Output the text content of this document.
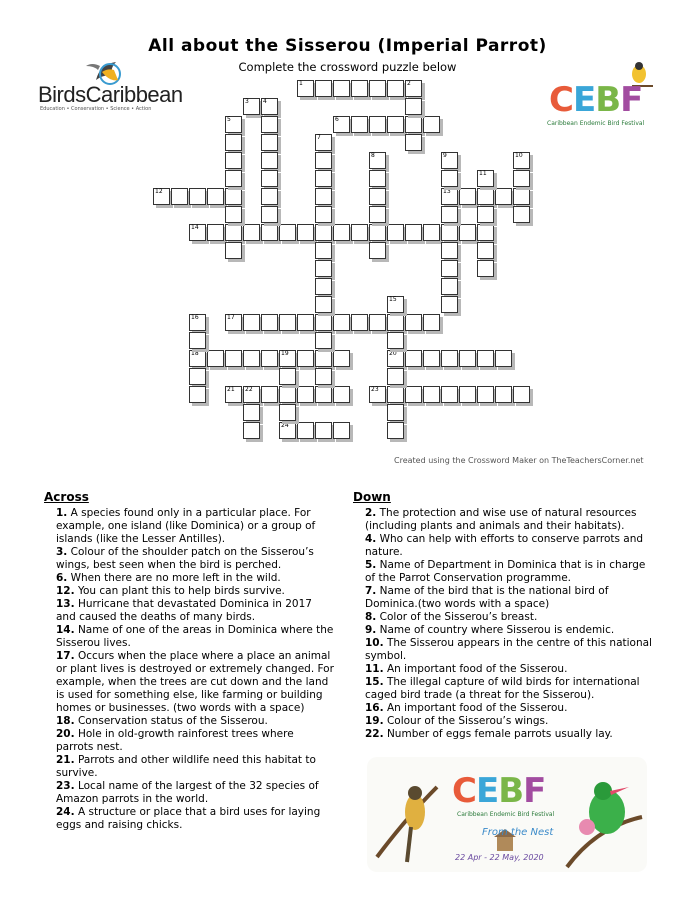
All about the Sisserou (Imperial Parrot)
Complete the crossword puzzle below
BirdsCaribbean
Education • Conservation • Science • Action	CEBF
Caribbean Endemic Bird Festival
1	2
3 4
6
12	13
14
17
18	19	20
21 22	23
24
5
7
8	9	10
11
15
16
Created using the Crossword Maker on TheTeachersCorner.net
Across
1. A species found only in a particular place. For example, one island (like Dominica) or a group of islands (like the Lesser Antilles).
3. Colour of the shoulder patch on the Sisserou’s wings, best seen when the bird is perched.
6. When there are no more left in the wild.
12. You can plant this to help birds survive.
13. Hurricane that devastated Dominica in 2017 and caused the deaths of many birds.
14. Name of one of the areas in Dominica where the Sisserou lives.
17. Occurs when the place where a place an animal or plant lives is destroyed or extremely changed. For example, when the trees are cut down and the land is used for something else, like farming or building homes or businesses. (two words with a space)
18. Conservation status of the Sisserou.
20. Hole in old-growth rainforest trees where parrots nest.
21. Parrots and other wildlife need this habitat to survive.
23. Local name of the largest of the 32 species of Amazon parrots in the world.
24. A structure or place that a bird uses for laying eggs and raising chicks.
Down
2. The protection and wise use of natural resources (including plants and animals and their habitats).
4. Who can help with efforts to conserve parrots and nature.
5. Name of Department in Dominica that is in charge of the Parrot Conservation programme.
7. Name of the bird that is the national bird of Dominica.(two words with a space)
8. Color of the Sisserou’s breast.
9. Name of country where Sisserou is endemic.
10. The Sisserou appears in the centre of this national symbol.
11. An important food of the Sisserou.
15. The illegal capture of wild birds for international caged bird trade (a threat for the Sisserou).
16. An important food of the Sisserou.
19. Colour of the Sisserou’s wings.
22. Number of eggs female parrots usually lay.
CEBF
Caribbean Endemic Bird Festival
From the Nest
22 Apr - 22 May, 2020
